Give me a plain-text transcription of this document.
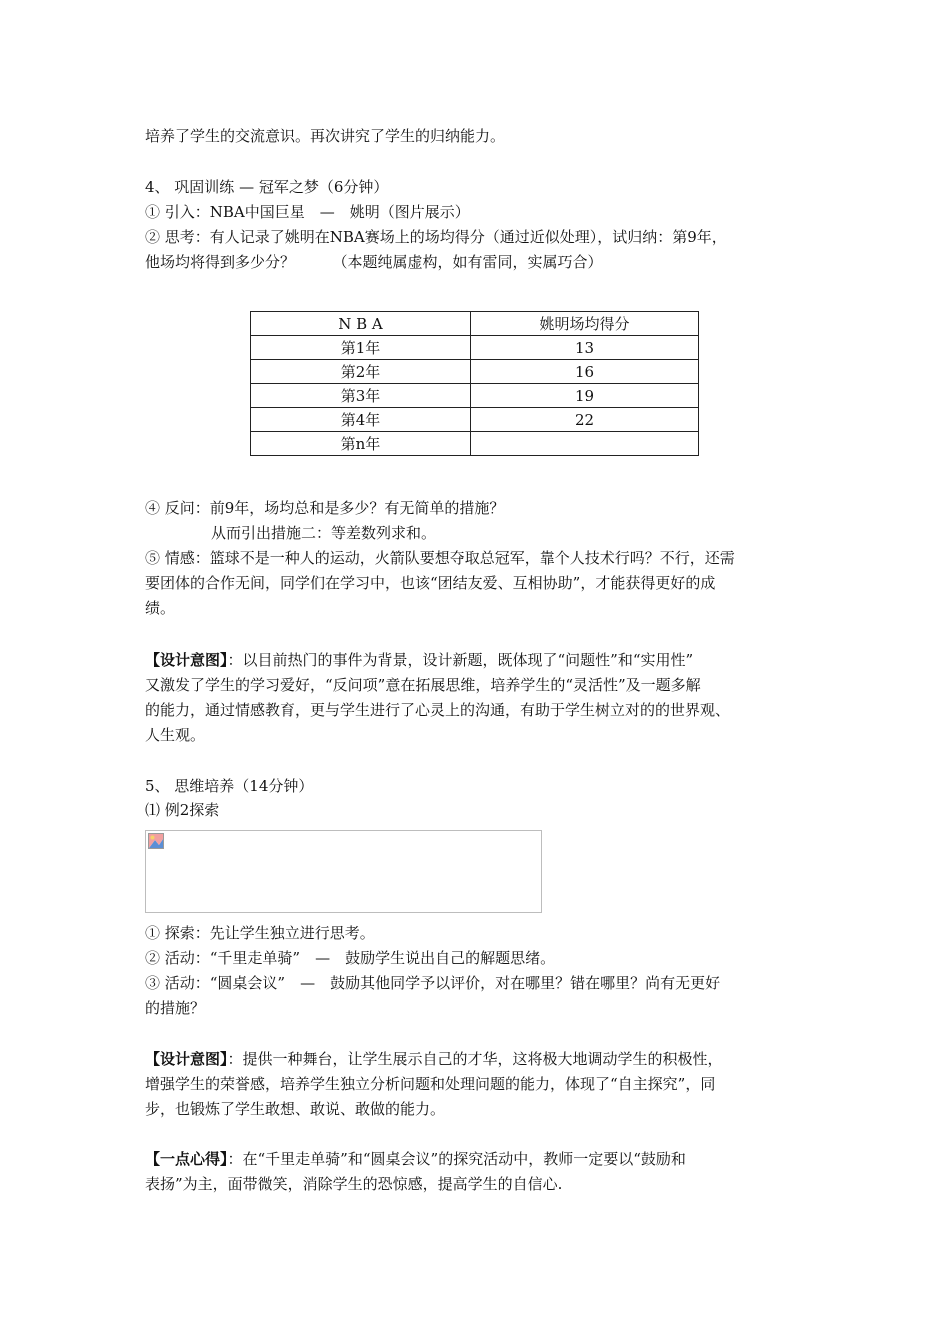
培养了学生的交流意识。再次讲究了学生的归纳能力。
4、 巩固训练 — 冠军之梦（6分钟）
① 引入：NBA中国巨星　—　姚明（图片展示）
② 思考：有人记录了姚明在NBA赛场上的场均得分（通过近似处理），试归纳：第9年，
他场均将得到多少分？　　　（本题纯属虚构，如有雷同，实属巧合）
N B A	姚明场均得分
第1年	13
第2年	16
第3年	19
第4年	22
第n年	
④ 反问：前9年，场均总和是多少？有无简单的措施？
从而引出措施二：等差数列求和。
⑤ 情感：篮球不是一种人的运动，火箭队要想夺取总冠军，靠个人技术行吗？不行，还需
要团体的合作无间，同学们在学习中，也该“团结友爱、互相协助”，才能获得更好的成
绩。
【设计意图】：以目前热门的事件为背景，设计新题，既体现了“问题性”和“实用性”
又激发了学生的学习爱好，“反问项”意在拓展思维，培养学生的“灵活性”及一题多解
的能力，通过情感教育，更与学生进行了心灵上的沟通，有助于学生树立对的的世界观、
人生观。
5、 思维培养（14分钟）
⑴ 例2探索
① 探索：先让学生独立进行思考。
② 活动：“千里走单骑”　—　鼓励学生说出自己的解题思绪。
③ 活动：“圆桌会议”　—　鼓励其他同学予以评价，对在哪里？错在哪里？尚有无更好
的措施？
【设计意图】：提供一种舞台，让学生展示自己的才华，这将极大地调动学生的积极性，
增强学生的荣誉感，培养学生独立分析问题和处理问题的能力，体现了“自主探究”，同
步，也锻炼了学生敢想、敢说、敢做的能力。
【一点心得】：在“千里走单骑”和“圆桌会议”的探究活动中，教师一定要以“鼓励和
表扬”为主，面带微笑，消除学生的恐惊感，提高学生的自信心.
